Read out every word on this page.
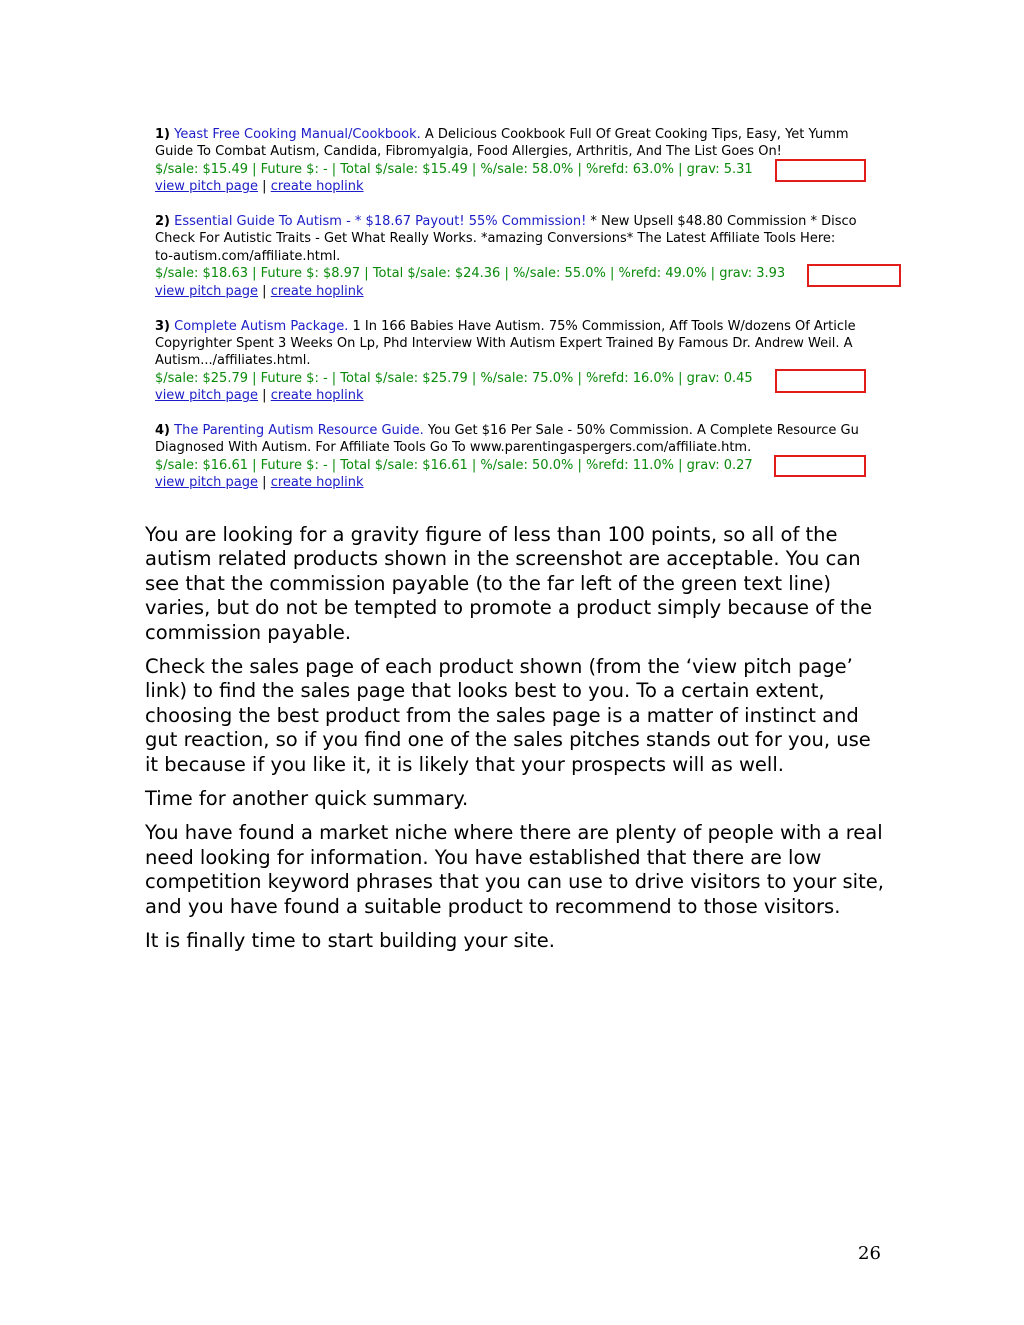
1) Yeast Free Cooking Manual/Cookbook. A Delicious Cookbook Full Of Great Cooking Tips, Easy, Yet Yumm
Guide To Combat Autism, Candida, Fibromyalgia, Food Allergies, Arthritis, And The List Goes On!
$/sale: $15.49 | Future $: - | Total $/sale: $15.49 | %/sale: 58.0% | %refd: 63.0% | grav: 5.31
view pitch page | create hoplink
2) Essential Guide To Autism - * $18.67 Payout! 55% Commission! * New Upsell $48.80 Commission * Disco
Check For Autistic Traits - Get What Really Works. *amazing Conversions* The Latest Affiliate Tools Here:
to-autism.com/affiliate.html.
$/sale: $18.63 | Future $: $8.97 | Total $/sale: $24.36 | %/sale: 55.0% | %refd: 49.0% | grav: 3.93
view pitch page | create hoplink
3) Complete Autism Package. 1 In 166 Babies Have Autism. 75% Commission, Aff Tools W/dozens Of Article
Copyrighter Spent 3 Weeks On Lp, Phd Interview With Autism Expert Trained By Famous Dr. Andrew Weil. A
Autism.../affiliates.html.
$/sale: $25.79 | Future $: - | Total $/sale: $25.79 | %/sale: 75.0% | %refd: 16.0% | grav: 0.45
view pitch page | create hoplink
4) The Parenting Autism Resource Guide. You Get $16 Per Sale - 50% Commission. A Complete Resource Gu
Diagnosed With Autism. For Affiliate Tools Go To www.parentingaspergers.com/affiliate.htm.
$/sale: $16.61 | Future $: - | Total $/sale: $16.61 | %/sale: 50.0% | %refd: 11.0% | grav: 0.27
view pitch page | create hoplink

You are looking for a gravity figure of less than 100 points, so all of the autism related products shown in the screenshot are acceptable. You can see that the commission payable (to the far left of the green text line) varies, but do not be tempted to promote a product simply because of the commission payable.

Check the sales page of each product shown (from the ‘view pitch page’ link) to find the sales page that looks best to you. To a certain extent, choosing the best product from the sales page is a matter of instinct and gut reaction, so if you find one of the sales pitches stands out for you, use it because if you like it, it is likely that your prospects will as well.

Time for another quick summary.

You have found a market niche where there are plenty of people with a real need looking for information. You have established that there are low competition keyword phrases that you can use to drive visitors to your site, and you have found a suitable product to recommend to those visitors.

It is finally time to start building your site.

26
